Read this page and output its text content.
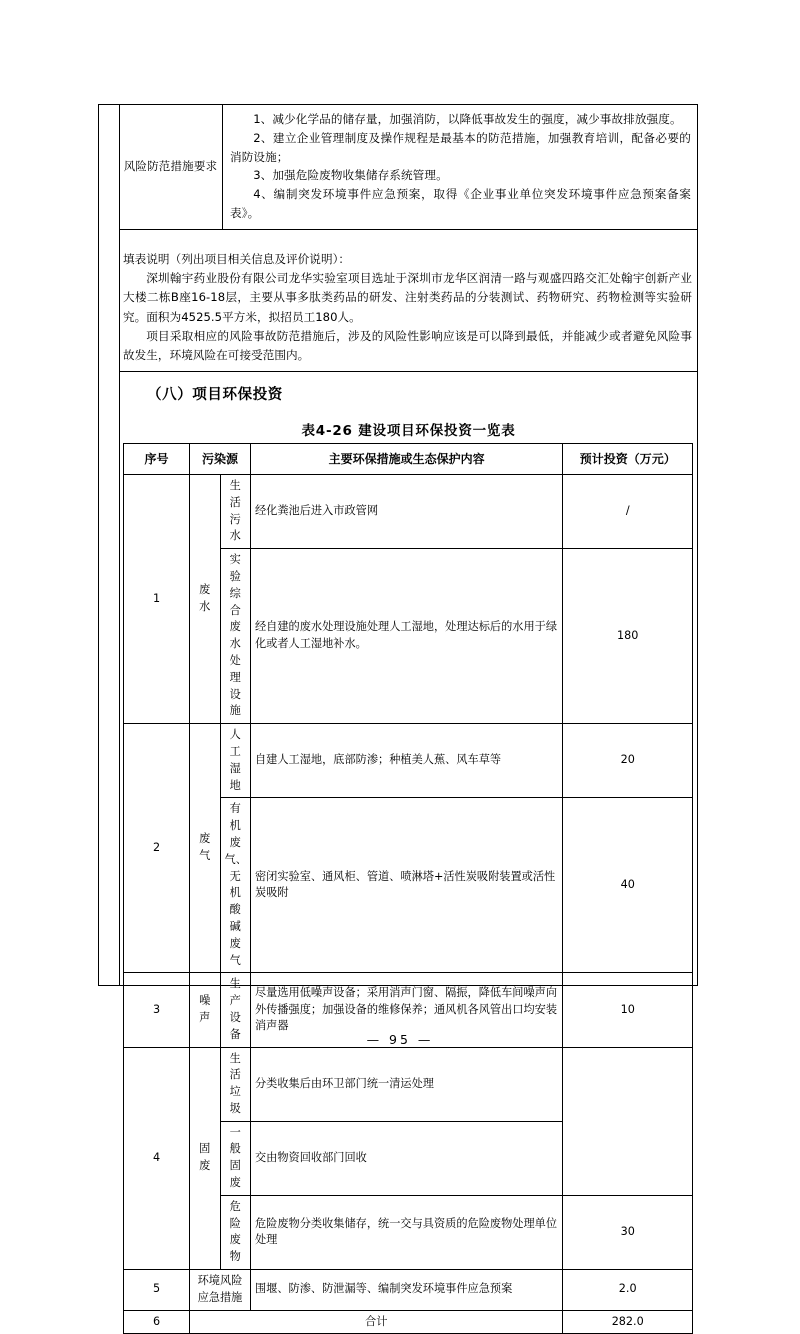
风险防范措施要求

1、减少化学品的储存量，加强消防，以降低事故发生的强度，减少事故排放强度。

2、建立企业管理制度及操作规程是最基本的防范措施，加强教育培训，配备必要的消防设施；

3、加强危险废物收集储存系统管理。

4、编制突发环境事件应急预案，取得《企业事业单位突发环境事件应急预案备案表》。

填表说明（列出项目相关信息及评价说明）：

深圳翰宇药业股份有限公司龙华实验室项目选址于深圳市龙华区润清一路与观盛四路交汇处翰宇创新产业大楼二栋B座16-18层，主要从事多肽类药品的研发、注射类药品的分装测试、药物研究、药物检测等实验研究。面积为4525.5平方米，拟招员工180人。

项目采取相应的风险事故防范措施后，涉及的风险性影响应该是可以降到最低，并能减少或者避免风险事故发生，环境风险在可接受范围内。

（八）项目环保投资
表4-26 建设项目环保投资一览表
序号	污染源		主要环保措施或生态保护内容	预计投资（万元）
1	废水	生活污水	经化粪池后进入市政管网	/
		实验综合废水处理设施	经自建的废水处理设施处理人工湿地，处理达标后的水用于绿化或者人工湿地补水。	180
2	废气	人工湿地	自建人工湿地，底部防渗；种植美人蕉、风车草等	20
		有机废气、无机酸碱废气	密闭实验室、通风柜、管道、喷淋塔+活性炭吸附装置或活性炭吸附	40
3	噪声	生产设备	尽量选用低噪声设备；采用消声门窗、隔振，降低车间噪声向外传播强度；加强设备的维修保养；通风机各风管出口均安装消声器	10
4	固废	生活垃圾	分类收集后由环卫部门统一清运处理	
		一般固废	交由物资回收部门回收	
		危险废物	危险废物分类收集储存，统一交与具资质的危险废物处理单位处理	30
5	环境风险应急措施		围堰、防渗、防泄漏等、编制突发环境事件应急预案	2.0
6	合计			282.0
— 95 —
